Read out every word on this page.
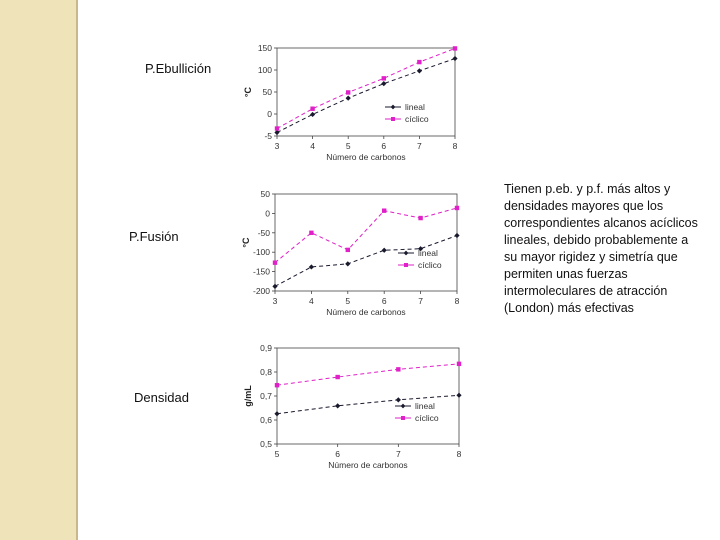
P.Ebullición
P.Fusión
Densidad
-5
0
50
100
150
3	4	5	6	7	8
Número de carbonos
°C
lineal
cíclico
-200
-150
-100
-50
0
50
3	4	5	6	7	8
Número de carbonos
°C
lineal
cíclico
0,5
0,6
0,7
0,8
0,9
5	6	7	8
Número de carbonos
g/mL	lineal
cíclico
Tienen p.eb. y p.f. más altos y densidades mayores que los correspondientes alcanos acíclicos lineales, debido probablemente a su mayor rigidez y simetría que permiten unas fuerzas intermoleculares de atracción (London) más efectivas
